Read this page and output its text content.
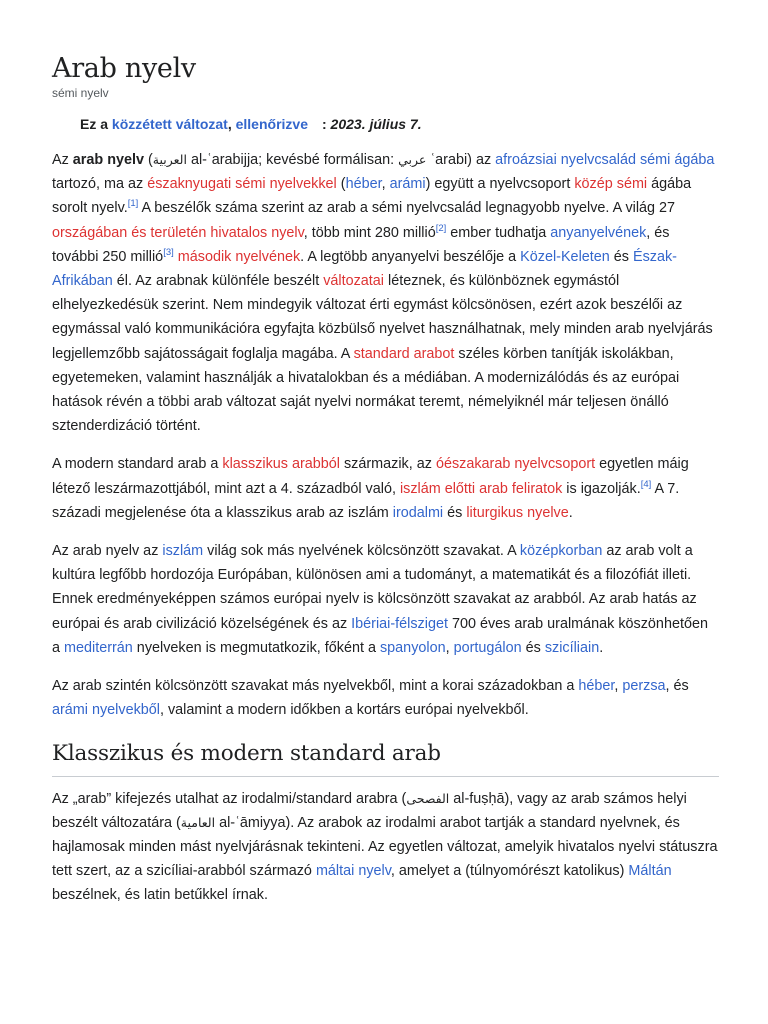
Arab nyelv
sémi nyelv
Ez a közzétett változat, ellenőrizve : 2023. július 7.

Az arab nyelv (العربية al-ʿarabijja; kevésbé formálisan: عربي ʿarabi) az afroázsiai nyelvcsalád sémi ágába tartozó, ma az északnyugati sémi nyelvekkel (héber, arámi) együtt a nyelvcsoport közép sémi ágába sorolt nyelv.[1] A beszélők száma szerint az arab a sémi nyelvcsalád legnagyobb nyelve. A világ 27 országában és területén hivatalos nyelv, több mint 280 millió[2] ember tudhatja anyanyelvének, és további 250 millió[3] második nyelvének. A legtöbb anyanyelvi beszélője a Közel-Keleten és Észak-Afrikában él. Az arabnak különféle beszélt változatai léteznek, és különböznek egymástól elhelyezkedésük szerint. Nem mindegyik változat érti egymást kölcsönösen, ezért azok beszélői az egymással való kommunikációra egyfajta közbülső nyelvet használhatnak, mely minden arab nyelvjárás legjellemzőbb sajátosságait foglalja magába. A standard arabot széles körben tanítják iskolákban, egyetemeken, valamint használják a hivatalokban és a médiában. A modernizálódás és az európai hatások révén a többi arab változat saját nyelvi normákat teremt, némelyiknél már teljesen önálló sztenderdizáció történt.

A modern standard arab a klasszikus arabból származik, az óészakarab nyelvcsoport egyetlen máig létező leszármazottjából, mint azt a 4. századból való, iszlám előtti arab feliratok is igazolják.[4] A 7. századi megjelenése óta a klasszikus arab az iszlám irodalmi és liturgikus nyelve.

Az arab nyelv az iszlám világ sok más nyelvének kölcsönzött szavakat. A középkorban az arab volt a kultúra legfőbb hordozója Európában, különösen ami a tudományt, a matematikát és a filozófiát illeti. Ennek eredményeképpen számos európai nyelv is kölcsönzött szavakat az arabból. Az arab hatás az európai és arab civilizáció közelségének és az Ibériai-félsziget 700 éves arab uralmának köszönhetően a mediterrán nyelveken is megmutatkozik, főként a spanyolon, portugálon és szicíliain.

Az arab szintén kölcsönzött szavakat más nyelvekből, mint a korai századokban a héber, perzsa, és arámi nyelvekből, valamint a modern időkben a kortárs európai nyelvekből.

Klasszikus és modern standard arab

Az „arab” kifejezés utalhat az irodalmi/standard arabra (الفصحى al-fuṣḥā), vagy az arab számos helyi beszélt változatára (العامية al-ʿāmiyya). Az arabok az irodalmi arabot tartják a standard nyelvnek, és hajlamosak minden mást nyelvjárásnak tekinteni. Az egyetlen változat, amelyik hivatalos nyelvi státuszra tett szert, az a szicíliai-arabból származó máltai nyelv, amelyet a (túlnyomórészt katolikus) Máltán beszélnek, és latin betűkkel írnak.
